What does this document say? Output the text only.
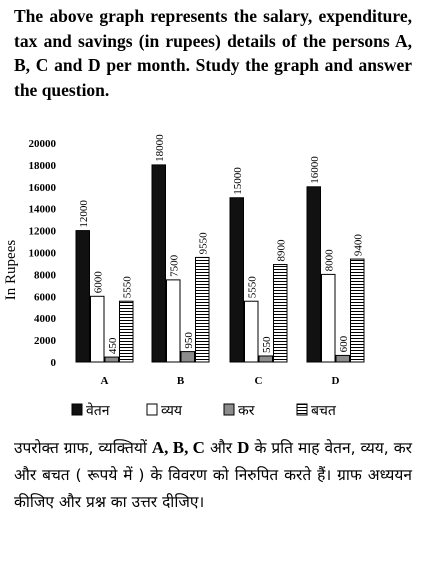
The above graph represents the salary, expenditure, tax and savings (in rupees) details of the persons A, B, C and D per month. Study the graph and answer the question.

In Rupees
0
2000
4000
6000
8000
10000
12000
14000
16000
18000
20000
12000
6000
450
5550
18000
7500
950
9550
15000
5550
550
8900
16000
8000
600
9400
A	B	C	D
वेतन	व्यय	कर	बचत

उपरोक्त ग्राफ, व्यक्तियों A, B, C और D के प्रति माह वेतन, व्यय, कर और बचत ( रूपये में ) के विवरण को निरुपित करते हैं। ग्राफ अध्ययन कीजिए और प्रश्न का उत्तर दीजिए।
